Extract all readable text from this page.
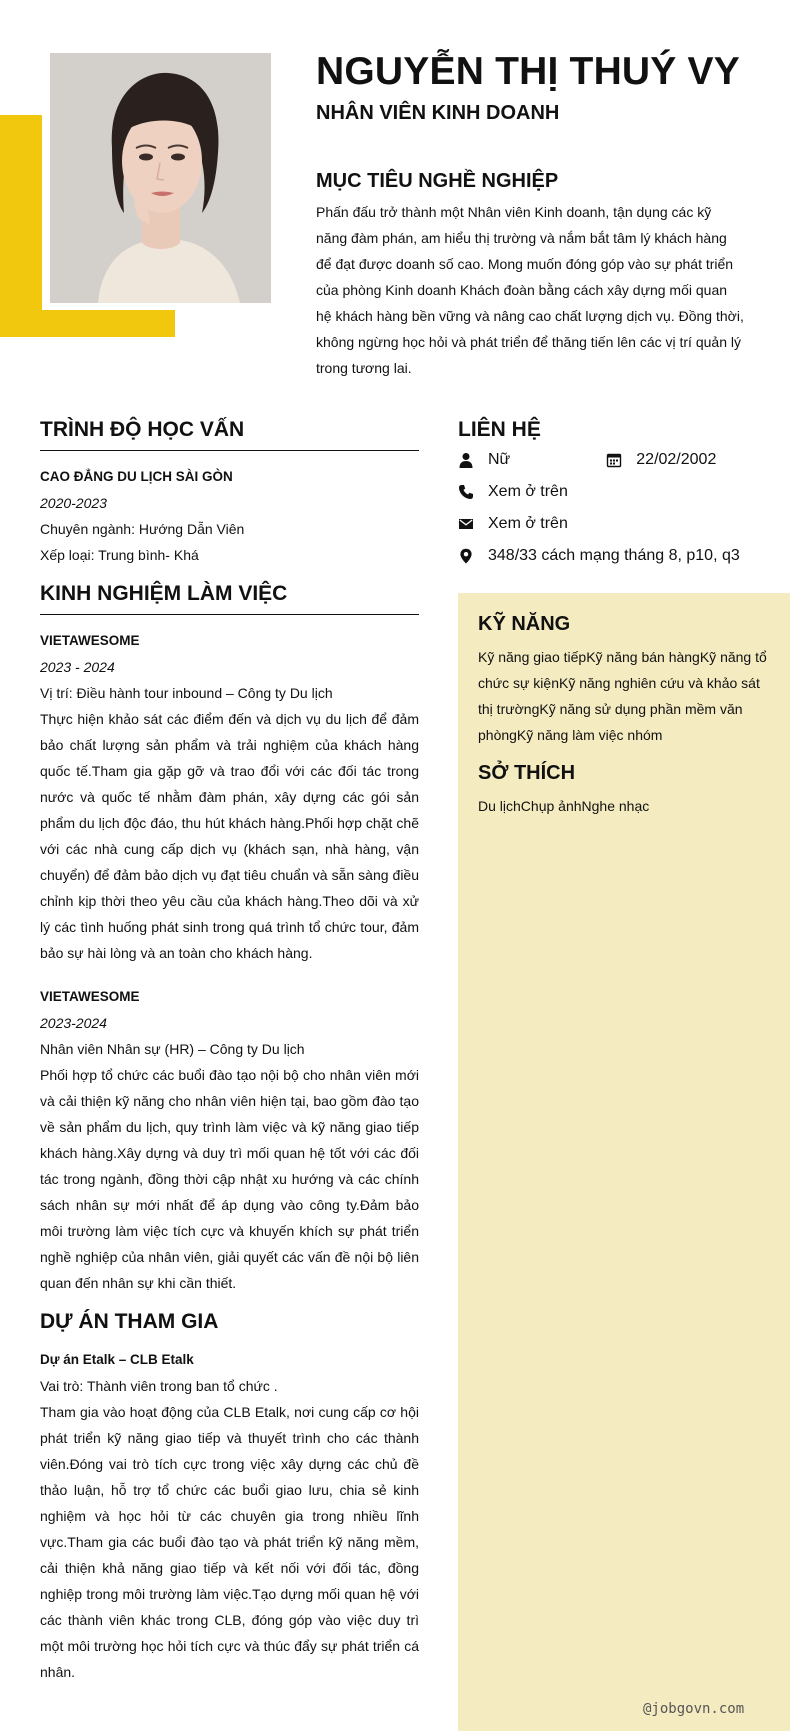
NGUYỄN THỊ THUÝ VY
NHÂN VIÊN KINH DOANH
MỤC TIÊU NGHỀ NGHIỆP

Phấn đấu trở thành một Nhân viên Kinh doanh, tận dụng các kỹ năng đàm phán, am hiểu thị trường và nắm bắt tâm lý khách hàng để đạt được doanh số cao. Mong muốn đóng góp vào sự phát triển của phòng Kinh doanh Khách đoàn bằng cách xây dựng mối quan hệ khách hàng bền vững và nâng cao chất lượng dịch vụ. Đồng thời, không ngừng học hỏi và phát triển để thăng tiến lên các vị trí quản lý trong tương lai.

TRÌNH ĐỘ HỌC VẤN
CAO ĐẲNG DU LỊCH SÀI GÒN
2020-2023
Chuyên ngành: Hướng Dẫn Viên
Xếp loại: Trung bình- Khá
KINH NGHIỆM LÀM VIỆC
VIETAWESOME
2023 - 2024
Vị trí: Điều hành tour inbound – Công ty Du lịch
Thực hiện khảo sát các điểm đến và dịch vụ du lịch để đảm bảo chất lượng sản phẩm và trải nghiệm của khách hàng quốc tế.Tham gia gặp gỡ và trao đổi với các đối tác trong nước và quốc tế nhằm đàm phán, xây dựng các gói sản phẩm du lịch độc đáo, thu hút khách hàng.Phối hợp chặt chẽ với các nhà cung cấp dịch vụ (khách sạn, nhà hàng, vận chuyển) để đảm bảo dịch vụ đạt tiêu chuẩn và sẵn sàng điều chỉnh kịp thời theo yêu cầu của khách hàng.Theo dõi và xử lý các tình huống phát sinh trong quá trình tổ chức tour, đảm bảo sự hài lòng và an toàn cho khách hàng.
VIETAWESOME
2023-2024
Nhân viên Nhân sự (HR) – Công ty Du lịch
Phối hợp tổ chức các buổi đào tạo nội bộ cho nhân viên mới và cải thiện kỹ năng cho nhân viên hiện tại, bao gồm đào tạo về sản phẩm du lịch, quy trình làm việc và kỹ năng giao tiếp khách hàng.Xây dựng và duy trì mối quan hệ tốt với các đối tác trong ngành, đồng thời cập nhật xu hướng và các chính sách nhân sự mới nhất để áp dụng vào công ty.Đảm bảo môi trường làm việc tích cực và khuyến khích sự phát triển nghề nghiệp của nhân viên, giải quyết các vấn đề nội bộ liên quan đến nhân sự khi cần thiết.
DỰ ÁN THAM GIA
Dự án Etalk – CLB Etalk
Vai trò: Thành viên trong ban tổ chức .
Tham gia vào hoạt động của CLB Etalk, nơi cung cấp cơ hội phát triển kỹ năng giao tiếp và thuyết trình cho các thành viên.Đóng vai trò tích cực trong việc xây dựng các chủ đề thảo luận, hỗ trợ tổ chức các buổi giao lưu, chia sẻ kinh nghiệm và học hỏi từ các chuyên gia trong nhiều lĩnh vực.Tham gia các buổi đào tạo và phát triển kỹ năng mềm, cải thiện khả năng giao tiếp và kết nối với đối tác, đồng nghiệp trong môi trường làm việc.Tạo dựng mối quan hệ với các thành viên khác trong CLB, đóng góp vào việc duy trì một môi trường học hỏi tích cực và thúc đẩy sự phát triển cá nhân.
LIÊN HỆ
Nữ	22/02/2002
Xem ở trên
Xem ở trên
348/33 cách mạng tháng 8, p10, q3
KỸ NĂNG

Kỹ năng giao tiếpKỹ năng bán hàngKỹ năng tổ chức sự kiệnKỹ năng nghiên cứu và khảo sát thị trườngKỹ năng sử dụng phần mềm văn phòngKỹ năng làm việc nhóm

SỞ THÍCH

Du lịchChụp ảnhNghe nhạc

@jobgovn.com
